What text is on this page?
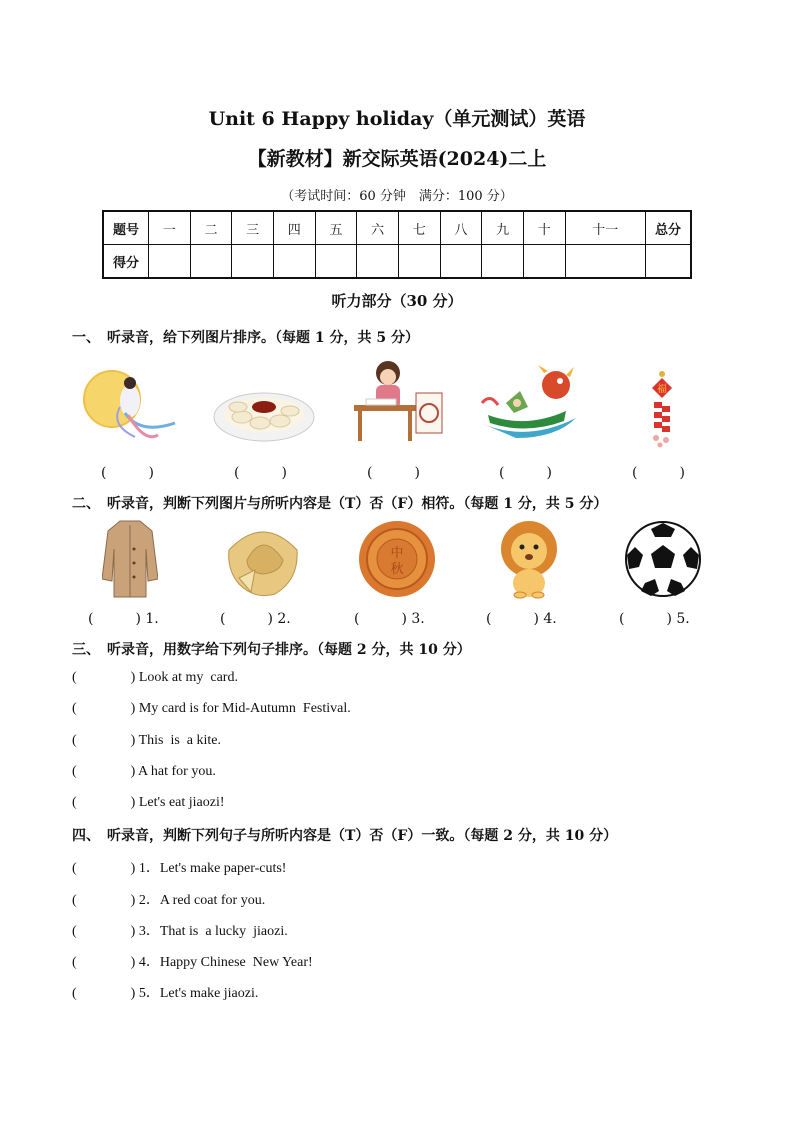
Unit 6 Happy holiday（单元测试）英语
【新教材】新交际英语(2024)二上
（考试时间：60 分钟　满分：100 分）
题号	一	二	三	四	五	六	七	八	九	十	十一	总分
得分												
听力部分（30 分）
一、　听录音，给下列图片排序。（每题 1 分，共 5 分）
福
(　　　)	(　　　)	(　　　)	(　　　)	(　　　)
二、　听录音，判断下列图片与所听内容是（T）否（F）相符。（每题 1 分，共 5 分）
中
秋
(　　　) 1.	(　　　) 2.	(　　　) 3.	(　　　) 4.	(　　　) 5.
三、　听录音，用数字给下列句子排序。（每题 2 分，共 10 分）
(	) Look at my  card.
(	) My card is for Mid-Autumn  Festival.
(	) This  is  a kite.
(	) A hat for you.
(	) Let's eat jiaozi!
四、　听录音，判断下列句子与所听内容是（T）否（F）一致。（每题 2 分，共 10 分）
(	) 1．Let's make paper-cuts!
(	) 2．A red coat for you.
(	) 3．That is  a lucky  jiaozi.
(	) 4．Happy Chinese  New Year!
(	) 5．Let's make jiaozi.
